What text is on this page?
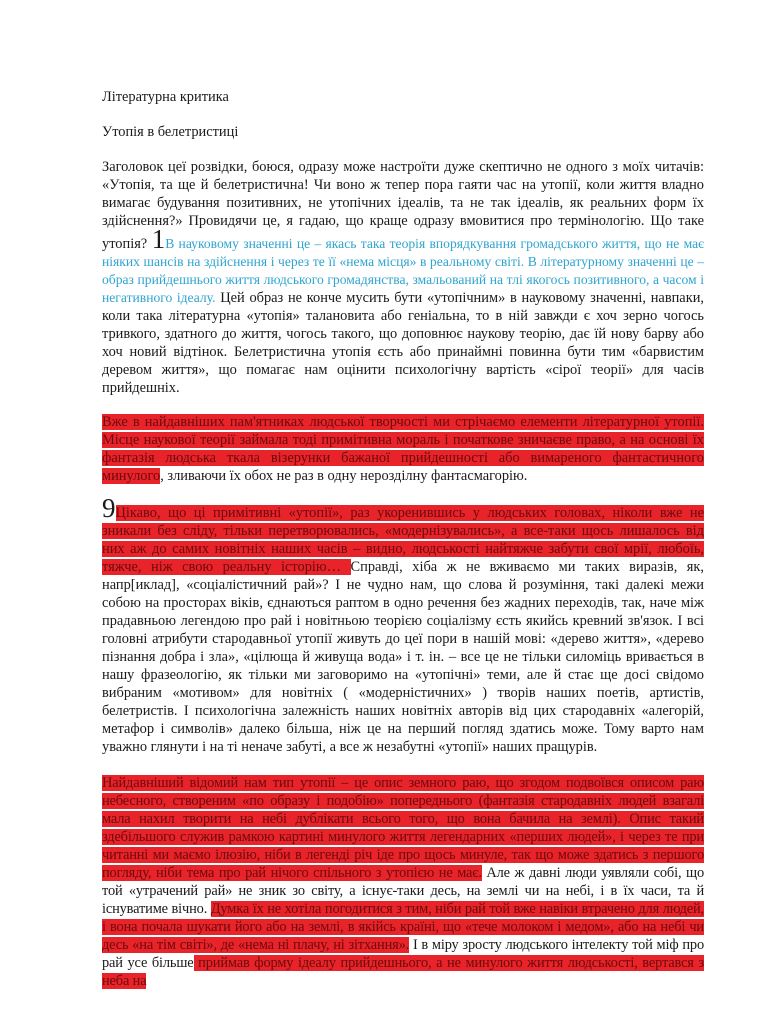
Літературна критика

Утопія в белетристиці

Заголовок цеї розвідки, боюся, одразу може настроїти дуже скептично не одного з моїх читачів: «Утопія, та ще й белетристична! Чи воно ж тепер пора гаяти час на утопії, коли життя владно вимагає будування позитивних, не утопічних ідеалів, та не так ідеалів, як реальних форм їх здійснення?» Провидячи це, я гадаю, що краще одразу вмовитися про термінологію. Що таке утопія? 1В науковому значенні це – якась така теорія впорядкування громадського життя, що не має ніяких шансів на здійснення і через те її «нема місця» в реальному світі. В літературному значенні це – образ прийдешнього життя людського громадянства, змальований на тлі якогось позитивного, а часом і негативного ідеалу. Цей образ не конче мусить бути «утопічним» в науковому значенні, навпаки, коли така літературна «утопія» талановита або геніальна, то в ній завжди є хоч зерно чогось тривкого, здатного до життя, чогось такого, що доповнює наукову теорію, дає їй нову барву або хоч новий відтінок. Белетристична утопія єсть або принаймні повинна бути тим «барвистим деревом життя», що помагає нам оцінити психологічну вартість «сірої теорії» для часів прийдешніх.

Вже в найдавніших пам'ятниках людської творчості ми стрічаємо елементи літературної утопії. Місце наукової теорії займала тоді примітивна мораль і початкове зничаєве право, а на основі їх фантазія людська ткала візерунки бажаної прийдешності або вимареного фантастичного минулого, зливаючи їх обох не раз в одну нерозділну фантасмагорію.

9Цікаво, що ці примітивні «утопії», раз укоренившись у людських головах, ніколи вже не зникали без сліду, тільки перетворювались, «модернізувались», а все-таки щось лишалось від них аж до самих новітніх наших часів – видно, людськості найтяжче забути свої мрії, любоїь, тяжче, ніж свою реальну історію… Справді, хіба ж не вживаємо ми таких виразів, як, напр[иклад], «соціалістичний рай»? І не чудно нам, що слова й розуміння, такі далекі межи собою на просторах віків, єднаються раптом в одно речення без жадних переходів, так, наче між прадавньою легендою про рай і новітньою теорією соціалізму єсть якийсь кревний зв'язок. І всі головні атрибути стародавньої утопії живуть до цеї пори в нашій мові: «дерево життя», «дерево пізнання добра і зла», «цілюща й живуща вода» і т. ін. – все це не тільки силоміць вривається в нашу фразеологію, як тільки ми заговоримо на «утопічні» теми, але й стає ще досі свідомо вибраним «мотивом» для новітніх ( «модерністичних» ) творів наших поетів, артистів, белетристів. І психологічна залежність наших новітніх авторів від цих стародавніх «алегорій, метафор і символів» далеко більша, ніж це на перший погляд здатись може. Тому варто нам уважно глянути і на ті неначе забуті, а все ж незабутні «утопії» наших пращурів.

Найдавніший відомий нам тип утопії – це опис земного раю, що згодом подвоївся описом раю небесного, створеним «по образу і подобію» попереднього (фантазія стародавніх людей взагалі мала нахил творити на небі дублікати всього того, що вона бачила на землі). Опис такий здебільшого служив рамкою картині минулого життя легендарних «перших людей», і через те при читанні ми маємо ілюзію, ніби в легенді річ іде про щось минуле, так що може здатись з першого погляду, ніби тема про рай нічого спільного з утопією не має. Але ж давні люди уявляли собі, що той «утрачений рай» не зник зо світу, а існує-таки десь, на землі чи на небі, і в їх часи, та й існуватиме вічно. Думка їх не хотіла погодитися з тим, ніби рай той вже навіки втрачено для людей, і вона почала шукати його або на землі, в якійсь країні, що «тече молоком і медом», або на небі чи десь «на тім світі», де «нема ні плачу, ні зітхання». І в міру зросту людського інтелекту той міф про рай усе більше приймав форму ідеалу прийдешнього, а не минулого життя людськості, вертався з неба на
